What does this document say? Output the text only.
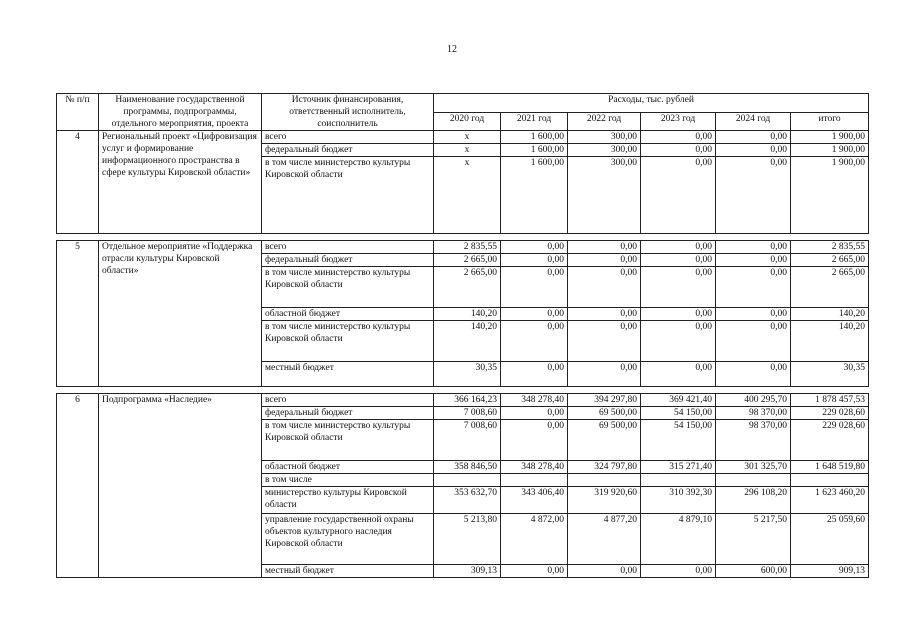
12
№ п/п	Наименование государственной программы, подпрограммы, отдельного мероприятия, проекта	Источник финансирования, ответственный исполнитель, соисполнитель	Расходы, тыс. рублей					
			2020 год	2021 год	2022 год	2023 год	2024 год	итого
4	Региональный проект «Цифровизация услуг и формирование информационного пространства в сфере культуры Кировской области»	всего	x	1 600,00	300,00	0,00	0,00	1 900,00
		федеральный бюджет	x	1 600,00	300,00	0,00	0,00	1 900,00
		в том числе министерство культуры Кировской области	x	1 600,00	300,00	0,00	0,00	1 900,00

5	Отдельное мероприятие «Поддержка отрасли культуры Кировской области»	всего	2 835,55	0,00	0,00	0,00	0,00	2 835,55
		федеральный бюджет	2 665,00	0,00	0,00	0,00	0,00	2 665,00
		в том числе министерство культуры Кировской области	2 665,00	0,00	0,00	0,00	0,00	2 665,00
		областной бюджет	140,20	0,00	0,00	0,00	0,00	140,20
		в том числе министерство культуры Кировской области	140,20	0,00	0,00	0,00	0,00	140,20
		местный бюджет	30,35	0,00	0,00	0,00	0,00	30,35

6	Подпрограмма «Наследие»	всего	366 164,23	348 278,40	394 297,80	369 421,40	400 295,70	1 878 457,53
		федеральный бюджет	7 008,60	0,00	69 500,00	54 150,00	98 370,00	229 028,60
		в том числе министерство культуры Кировской области	7 008,60	0,00	69 500,00	54 150,00	98 370,00	229 028,60
		областной бюджет	358 846,50	348 278,40	324 797,80	315 271,40	301 325,70	1 648 519,80
		в том числе						
		министерство культуры Кировской области	353 632,70	343 406,40	319 920,60	310 392,30	296 108,20	1 623 460,20
		управление государственной охраны объектов культурного наследия Кировской области	5 213,80	4 872,00	4 877,20	4 879,10	5 217,50	25 059,60
		местный бюджет	309,13	0,00	0,00	0,00	600,00	909,13
